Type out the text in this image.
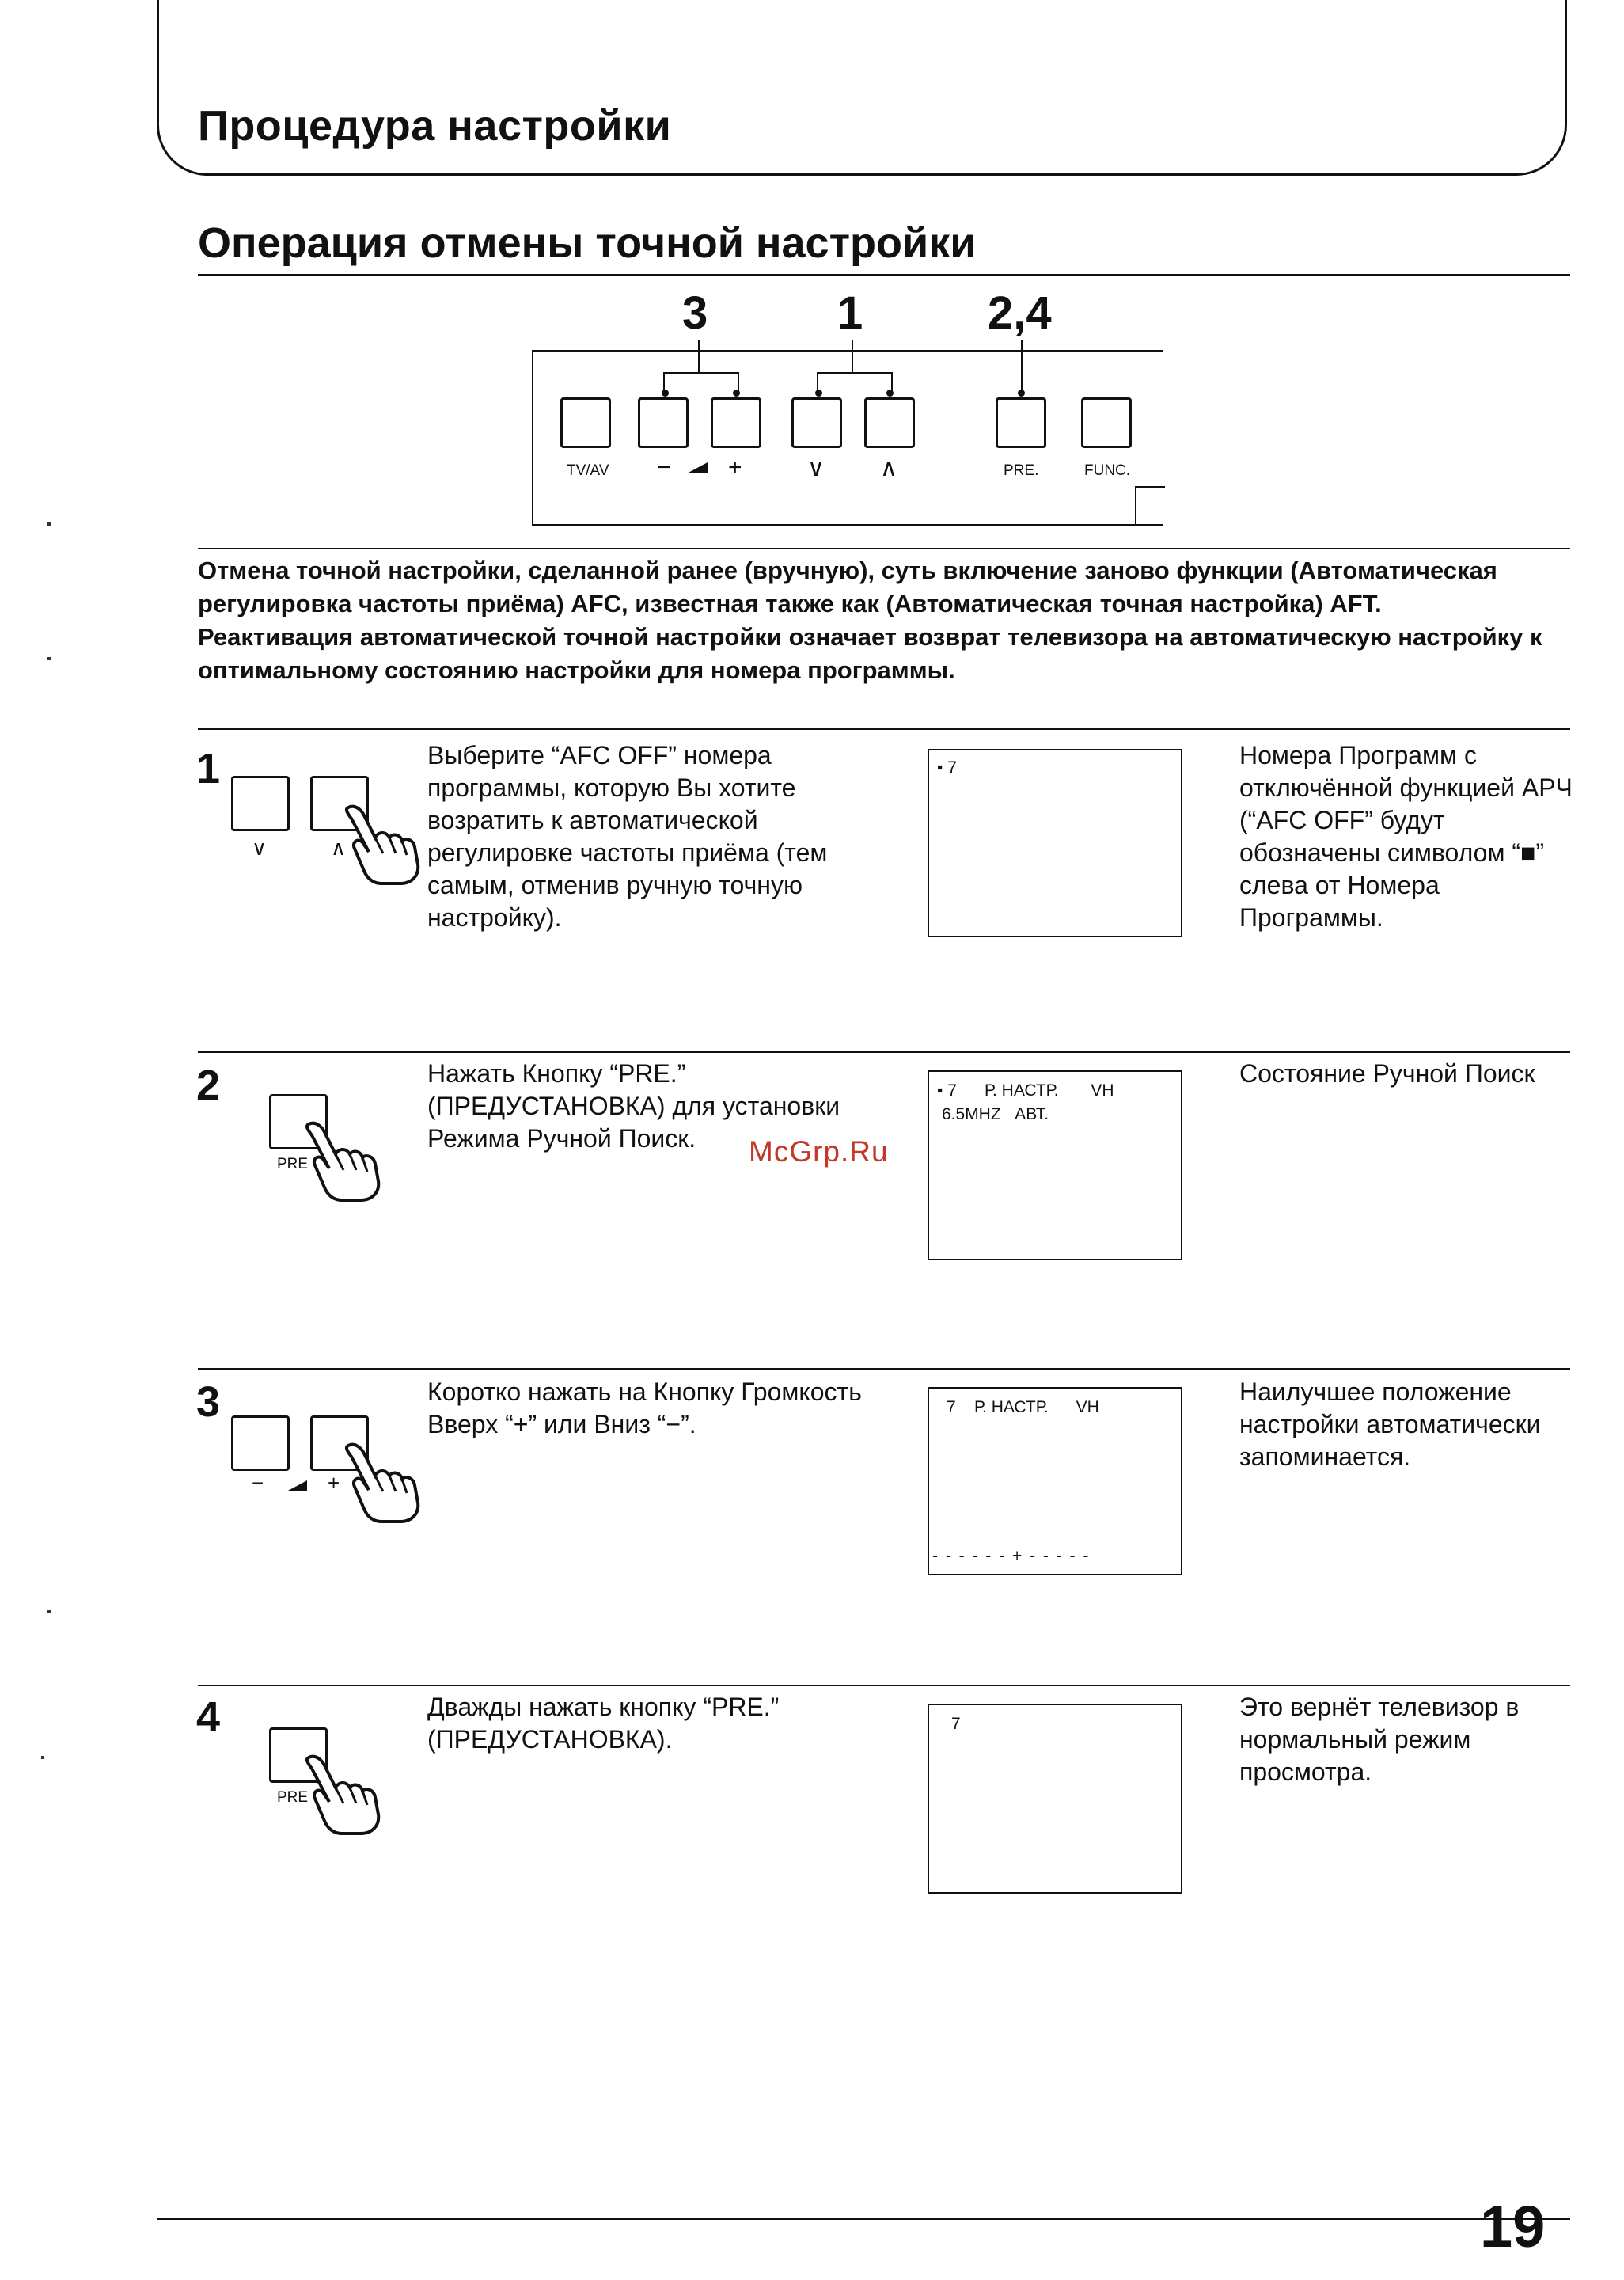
Процедура настройки
Операция отмены точной настройки
3	1	2,4
TV/AV − +	∨ ∧	PRE.	FUNC.
Отмена точной настройки, сделанной ранее (вручную), суть включение заново функции (Автоматическая регулировка частоты приёма) AFC, известная также как (Автоматическая точная настройка) AFT. Реактивация автоматической точной настройки означает возврат телевизора на автоматическую настройку к оптимальному состоянию настройки для номера программы.
1
∨	∧
Выберите “AFC OFF” номера программы, которую Вы хотите возратить к автоматической регулировке частоты приёма (тем самым, отменив ручную точную настройку).
▪ 7	Номера Программ с отключённой функцией АРЧ (“AFC OFF” будут обозначены символом “■” слева от Номера Программы.
2
PRE
Нажать Кнопку “PRE.” (ПРЕДУСТАНОВКА) для установки Режима Ручной Поиск.
▪ 7      Р. НАСТР.       VH
6.5MHZ   АВТ.
Состояние Ручной Поиск
McGrp.Ru
3
−	+
Коротко нажать на Кнопку Громкость Вверх “+” или Вниз “−”.
7    Р. НАСТР.      VH
- - - - - - + - - - - -
Наилучшее положение настройки автоматически запоминается.
4
PRE
Дважды нажать кнопку “PRE.” (ПРЕДУСТАНОВКА).
7
Это вернёт телевизор в нормальный режим просмотра.
19
